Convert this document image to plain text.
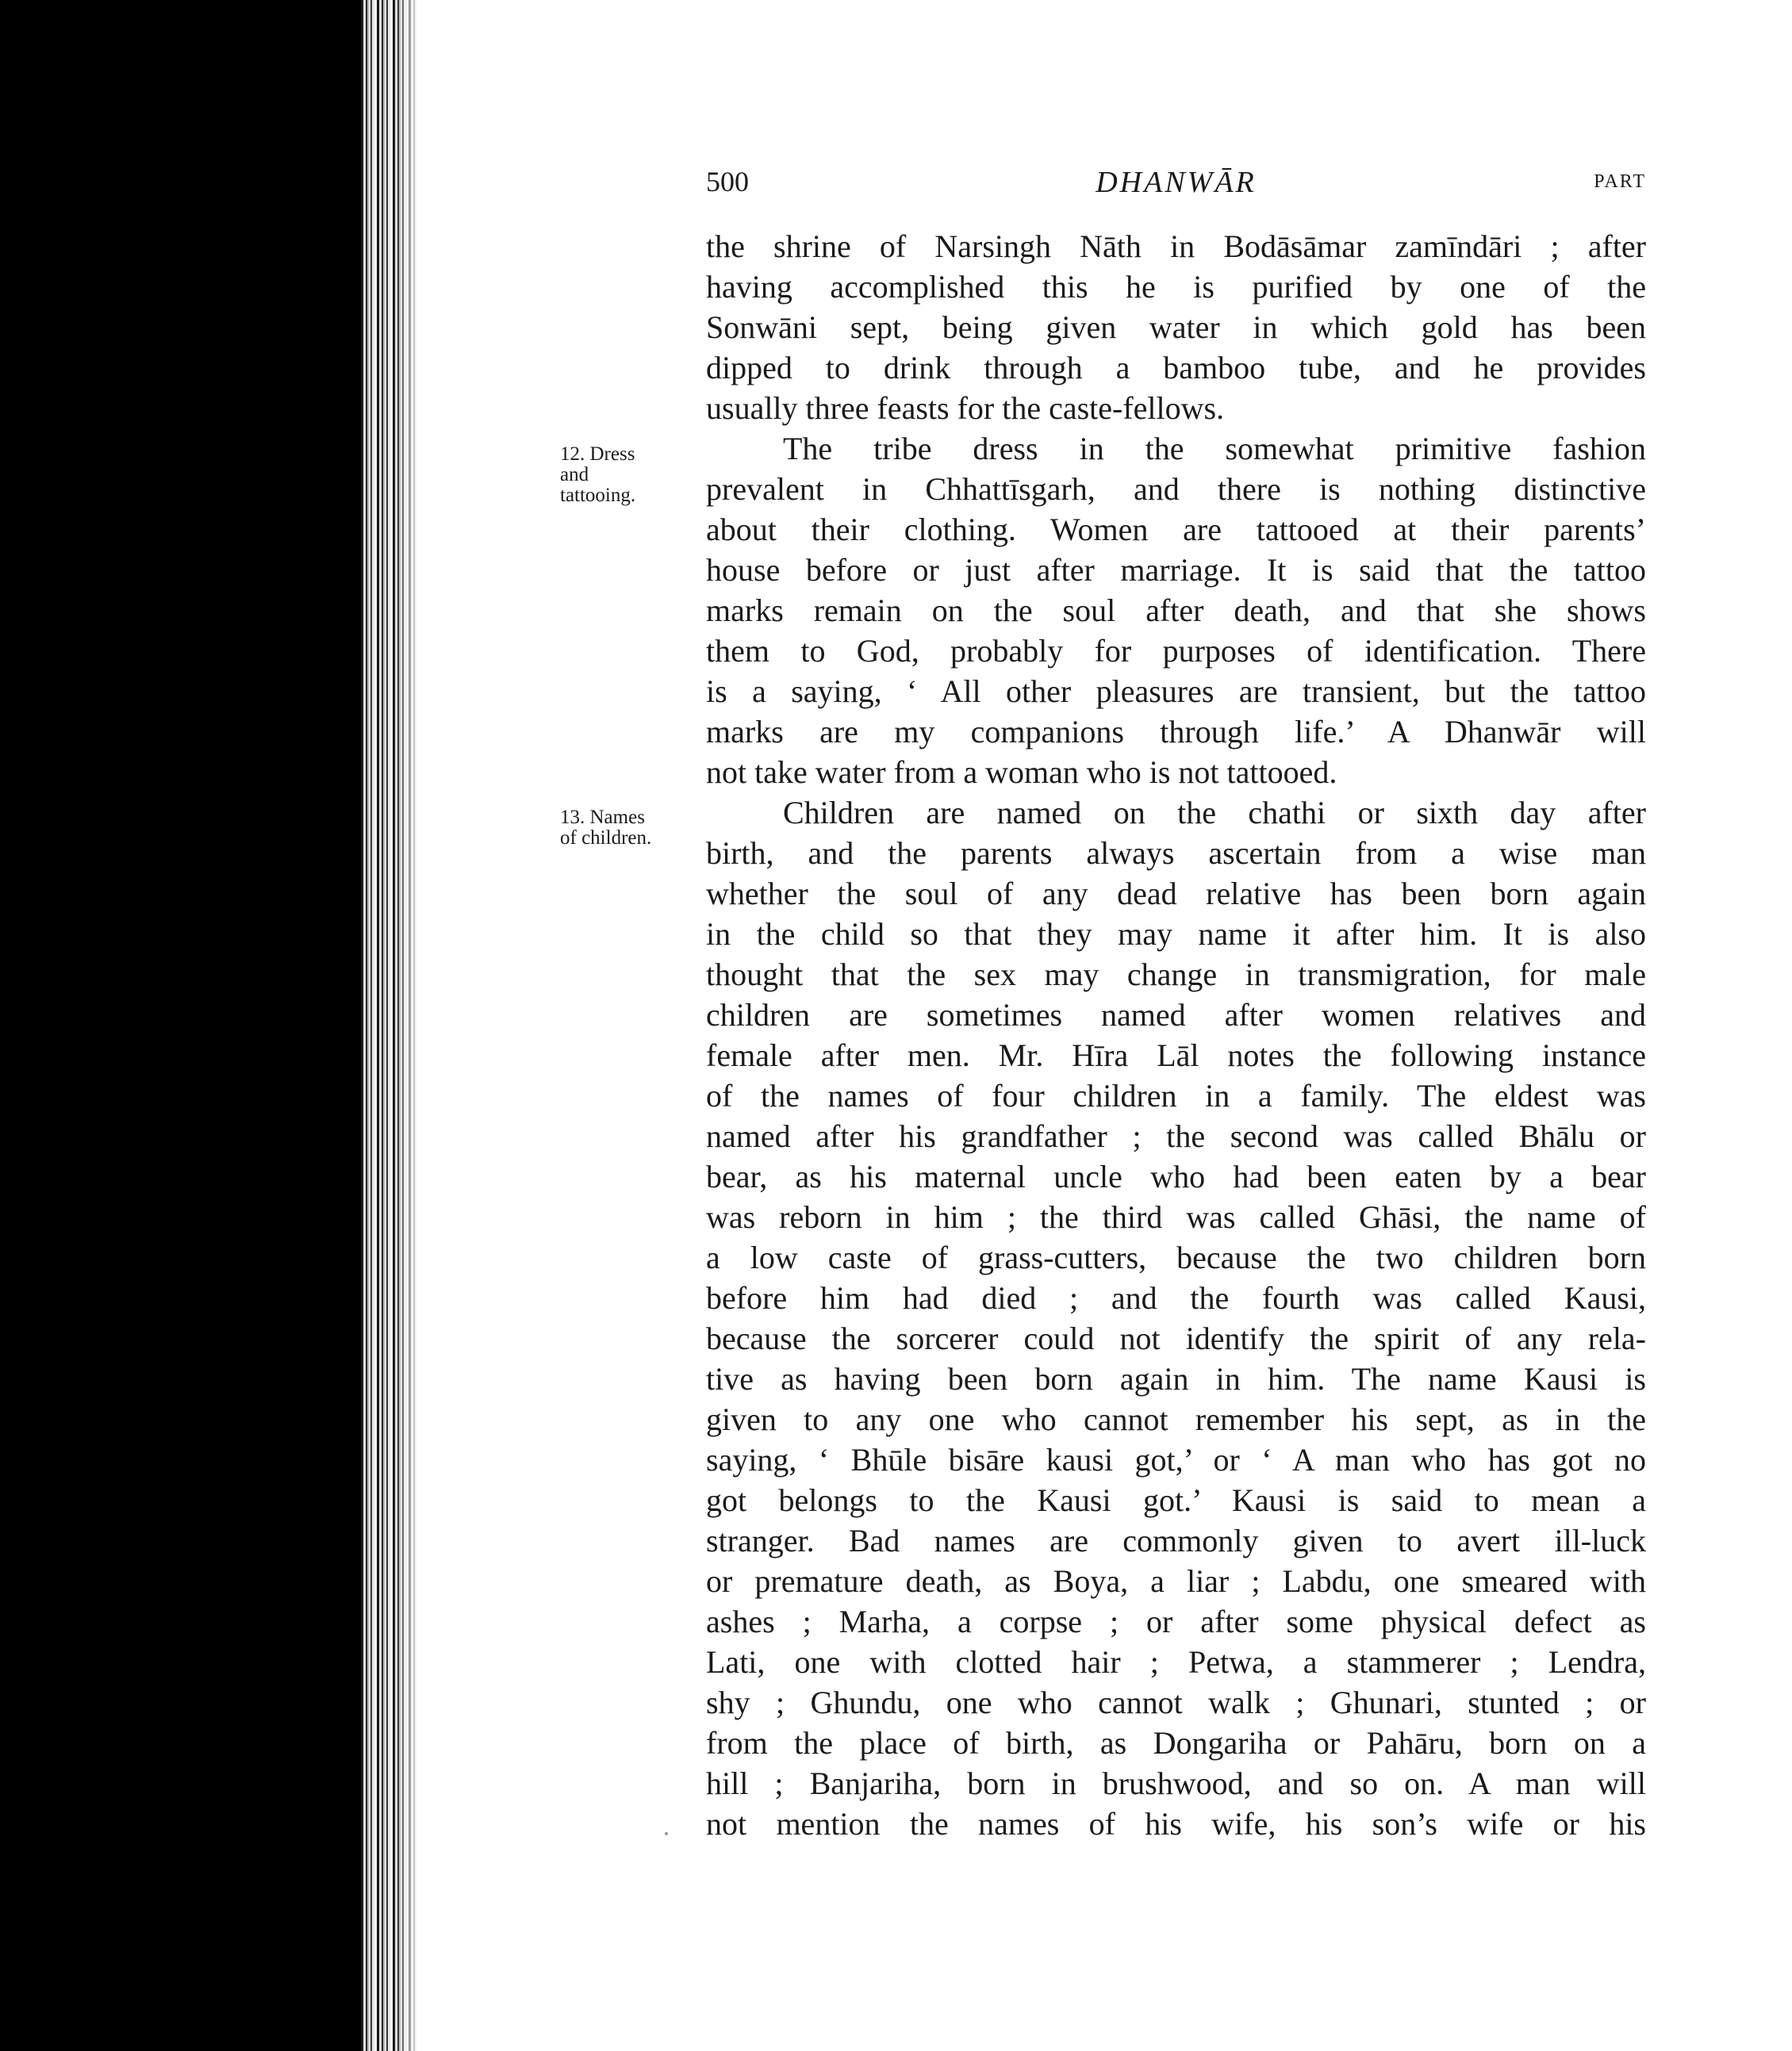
500	DHANWĀR	PART
12. Dress
and
tattooing.
13. Names
of children.
the shrine of Narsingh Nāth in Bodāsāmar zamīndāri ; after
having accomplished this he is purified by one of the
Sonwāni sept, being given water in which gold has been
dipped to drink through a bamboo tube, and he provides
usually three feasts for the caste-fellows.
The tribe dress in the somewhat primitive fashion
prevalent in Chhattīsgarh, and there is nothing distinctive
about their clothing. Women are tattooed at their parents’
house before or just after marriage. It is said that the tattoo
marks remain on the soul after death, and that she shows
them to God, probably for purposes of identification. There
is a saying, ‘ All other pleasures are transient, but the tattoo
marks are my companions through life.’ A Dhanwār will
not take water from a woman who is not tattooed.
Children are named on the chathi or sixth day after
birth, and the parents always ascertain from a wise man
whether the soul of any dead relative has been born again
in the child so that they may name it after him. It is also
thought that the sex may change in transmigration, for male
children are sometimes named after women relatives and
female after men. Mr. Hīra Lāl notes the following instance
of the names of four children in a family. The eldest was
named after his grandfather ; the second was called Bhālu or
bear, as his maternal uncle who had been eaten by a bear
was reborn in him ; the third was called Ghāsi, the name of
a low caste of grass-cutters, because the two children born
before him had died ; and the fourth was called Kausi,
because the sorcerer could not identify the spirit of any rela-
tive as having been born again in him. The name Kausi is
given to any one who cannot remember his sept, as in the
saying, ‘ Bhūle bisāre kausi got,’ or ‘ A man who has got no
got belongs to the Kausi got.’ Kausi is said to mean a
stranger. Bad names are commonly given to avert ill-luck
or premature death, as Boya, a liar ; Labdu, one smeared with
ashes ; Marha, a corpse ; or after some physical defect as
Lati, one with clotted hair ; Petwa, a stammerer ; Lendra,
shy ; Ghundu, one who cannot walk ; Ghunari, stunted ; or
from the place of birth, as Dongariha or Pahāru, born on a
hill ; Banjariha, born in brushwood, and so on. A man will
not mention the names of his wife, his son’s wife or his
